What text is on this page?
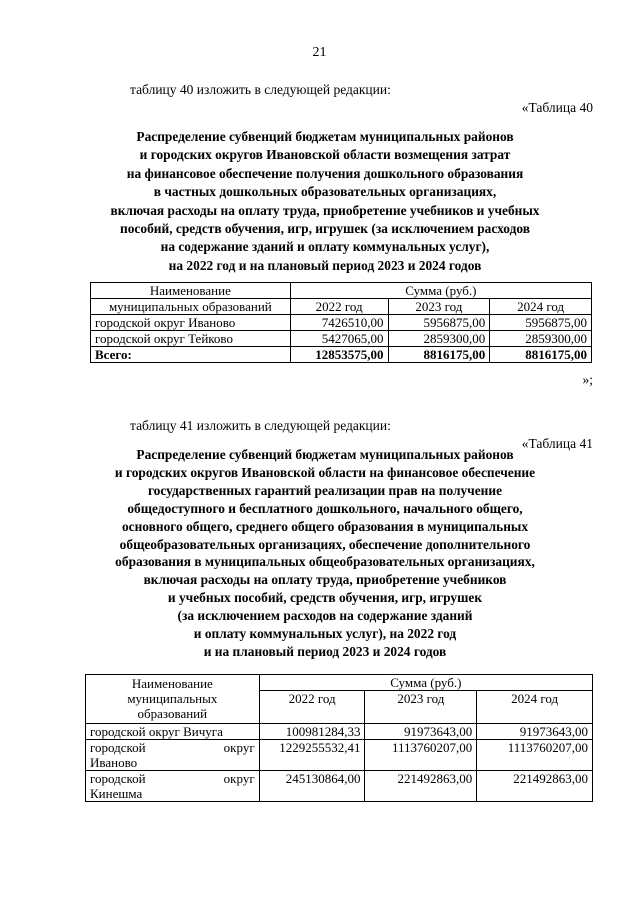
21
таблицу 40 изложить в следующей редакции:
«Таблица 40
Распределение субвенций бюджетам муниципальных районов
и городских округов Ивановской области возмещения затрат
на финансовое обеспечение получения дошкольного образования
в частных дошкольных образовательных организациях,
включая расходы на оплату труда, приобретение учебников и учебных
пособий, средств обучения, игр, игрушек (за исключением расходов
на содержание зданий и оплату коммунальных услуг),
на 2022 год и на плановый период 2023 и 2024 годов
Наименование	Сумма (руб.)		
муниципальных образований	2022 год	2023 год	2024 год
городской округ Иваново	7426510,00	5956875,00	5956875,00
городской округ Тейково	5427065,00	2859300,00	2859300,00
Всего:	12853575,00	8816175,00	8816175,00
»;
таблицу 41 изложить в следующей редакции:
«Таблица 41
Распределение субвенций бюджетам муниципальных районов
и городских округов Ивановской области на финансовое обеспечение
государственных гарантий реализации прав на получение
общедоступного и бесплатного дошкольного, начального общего,
основного общего, среднего общего образования в муниципальных
общеобразовательных организациях, обеспечение дополнительного
образования в муниципальных общеобразовательных организациях,
включая расходы на оплату труда, приобретение учебников
и учебных пособий, средств обучения, игр, игрушек
(за исключением расходов на содержание зданий
и оплату коммунальных услуг), на 2022 год
и на плановый период 2023 и 2024 годов
Наименование
муниципальных
образований	Сумма (руб.)		
	2022 год	2023 год	2024 год
городской округ Вичуга	100981284,33	91973643,00	91973643,00

городской округ
Иваново	1229255532,41	1113760207,00	1113760207,00

городской округ
Кинешма	245130864,00	221492863,00	221492863,00
